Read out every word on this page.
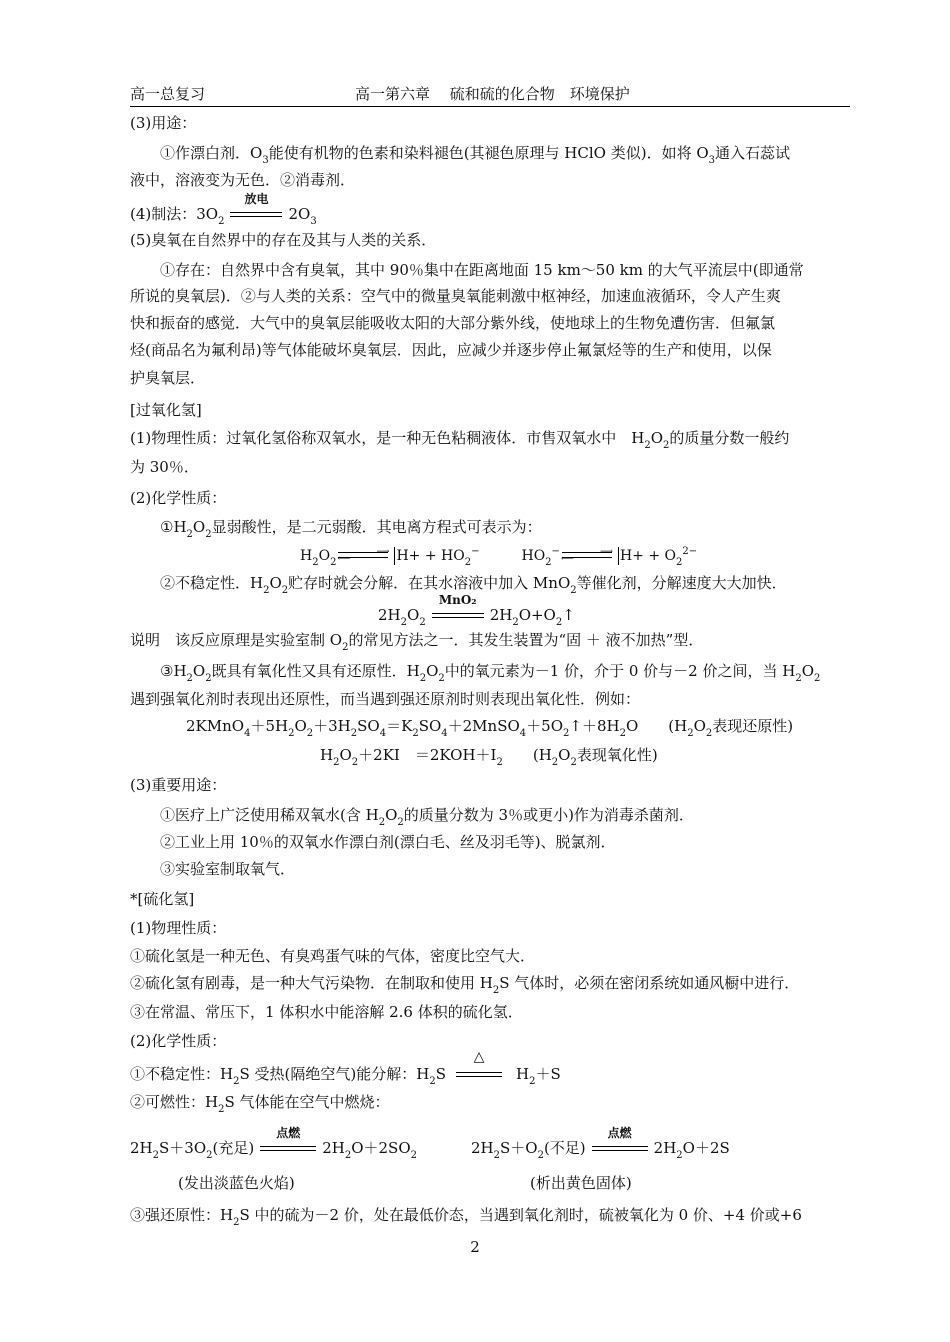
高一总复习	高一第六章　 硫和硫的化合物　环境保护
(3)用途：
①作漂白剂．$O_3$能使有机物的色素和染料褪色(其褪色原理与 HClO 类似)．如将 $O_3$通入石蕊试
液中，溶液变为无色．②消毒剂．
(4)制法：$3O_2$
放电
$2O_3$
(5)臭氧在自然界中的存在及其与人类的关系．
①存在：自然界中含有臭氧，其中 90％集中在距离地面 15 km～50 km 的大气平流层中(即通常
所说的臭氧层)．②与人类的关系：空气中的微量臭氧能刺激中枢神经，加速血液循环，令人产生爽
快和振奋的感觉．大气中的臭氧层能吸收太阳的大部分紫外线，使地球上的生物免遭伤害．但氟氯
烃(商品名为氟利昂)等气体能破坏臭氧层．因此，应减少并逐步停止氟氯烃等的生产和使用，以保
护臭氧层．
[过氧化氢]
(1)物理性质：过氧化氢俗称双氧水，是一种无色粘稠液体．市售双氧水中　$H_2O_2$的质量分数一般约
为 30％．
(2)化学性质：
$①H_2O_2$显弱酸性，是二元弱酸．其电离方程式可表示为：
$H_2O_2$
⟶
⟵	$H+ + HO_2^-$	$HO_2^-$	⟶
⟵	$H+ + O_2^{2-}$
②不稳定性．$H_2O_2$贮存时就会分解．在其水溶液中加入 MnO$_2$等催化剂，分解速度大大加快．
$2H_2O_2$
MnO₂
$2H_2O+O_2↑$
说明　该反应原理是实验室制 $O_2$的常见方法之一．其发生装置为“固 ＋ 液不加热”型．
$③H_2O_2$既具有氧化性又具有还原性．$H_2O_2$中的氧元素为－1 价，介于 0 价与－2 价之间，当 $H_2O_2$
遇到强氧化剂时表现出还原性，而当遇到强还原剂时则表现出氧化性．例如：
$2KMnO_4+5H_2O_2+3H_2SO_4=K_2SO_4+2MnSO_4+5O_2↑+8H_2O$　　($H_2O_2$表现还原性)
$H_2O_2+2KI$　$=2KOH+I_2$　　($H_2O_2$表现氧化性)
(3)重要用途：
①医疗上广泛使用稀双氧水(含 $H_2O_2$的质量分数为 3％或更小)作为消毒杀菌剂．
②工业上用 10％的双氧水作漂白剂(漂白毛、丝及羽毛等)、脱氯剂．
③实验室制取氧气．
*[硫化氢]
(1)物理性质：
①硫化氢是一种无色、有臭鸡蛋气味的气体，密度比空气大．
②硫化氢有剧毒，是一种大气污染物．在制取和使用 $H_2S$ 气体时，必须在密闭系统如通风橱中进行．
③在常温、常压下，1 体积水中能溶解 2.6 体积的硫化氢．
(2)化学性质：
①不稳定性：$H_2S$ 受热(隔绝空气)能分解：$H_2S$
△
$H_2+S$
②可燃性：$H_2S$ 气体能在空气中燃烧：
$2H_2S+3O_2$(充足)
点燃
$2H_2O+2SO_2$	$2H_2S+O_2$(不足)
点燃
$2H_2O+2S$
(发出淡蓝色火焰)	(析出黄色固体)
③强还原性：$H_2S$ 中的硫为－2 价，处在最低价态，当遇到氧化剂时，硫被氧化为 0 价、+4 价或+6
2
